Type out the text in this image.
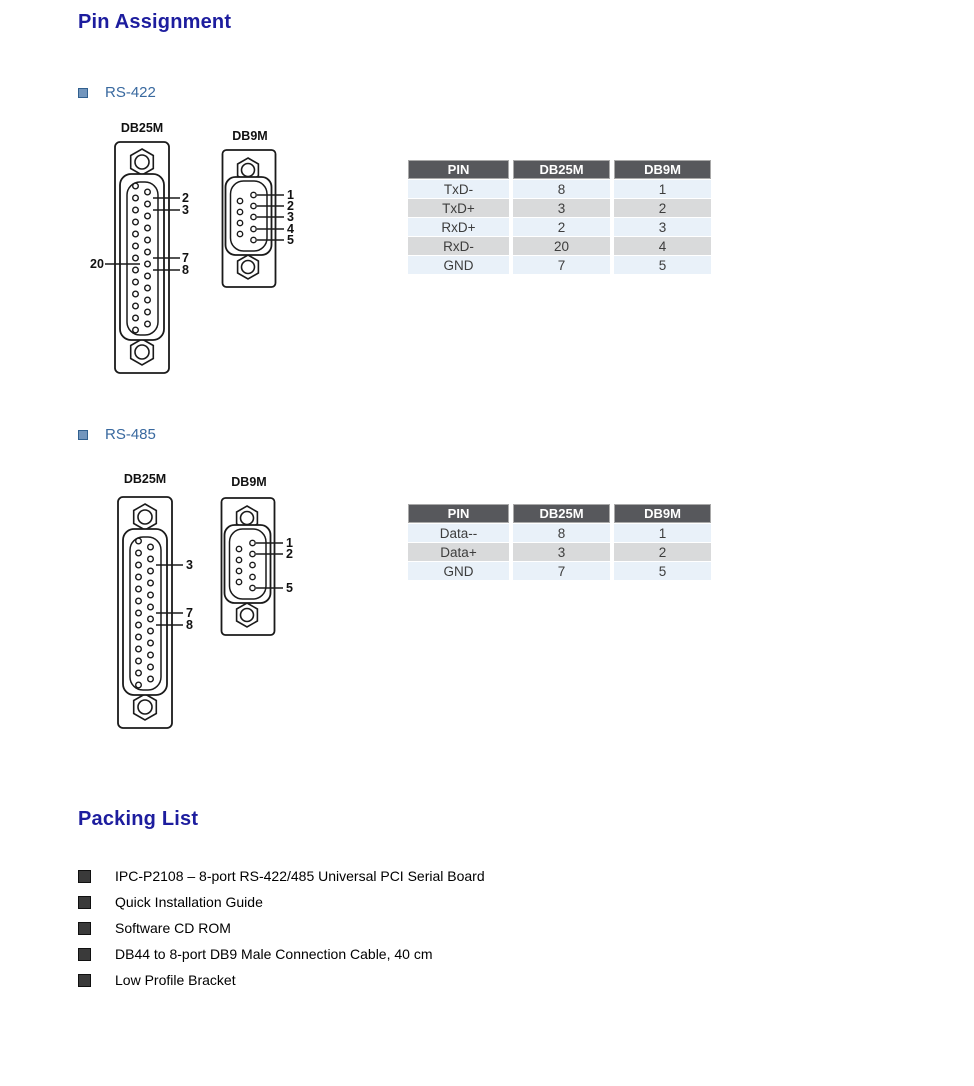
Pin Assignment
RS-422
DB25M
DB9M
2
3
7
8
20
1
2
3
4
5
PIN	DB25M	DB9M
TxD-	8	1
TxD+	3	2
RxD+	2	3
RxD-	20	4
GND	7	5
RS-485
DB25M	DB9M
3
7
8
1
2
5
PIN	DB25M	DB9M
Data--	8	1
Data+	3	2
GND	7	5
Packing List
IPC-P2108 – 8-port RS-422/485 Universal PCI Serial Board
Quick Installation Guide
Software CD ROM
DB44 to 8-port DB9 Male Connection Cable, 40 cm
Low Profile Bracket
